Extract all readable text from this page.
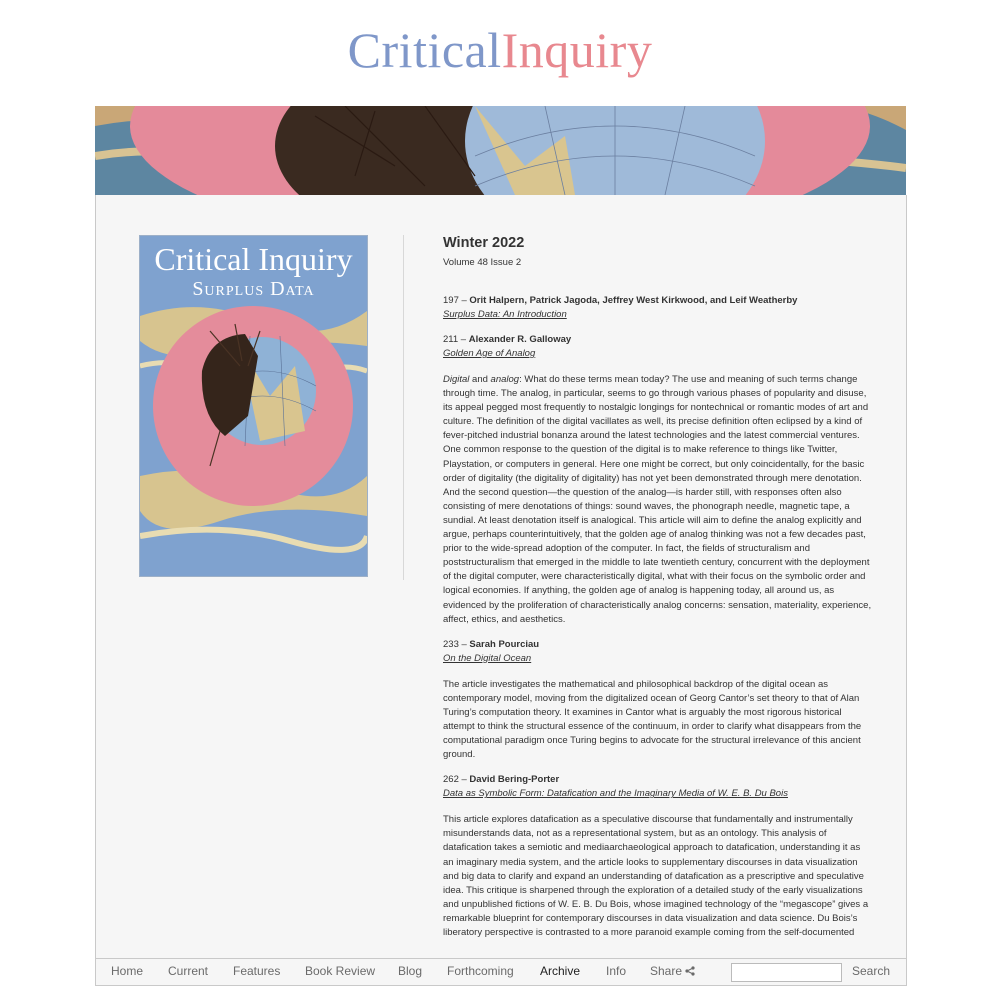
CriticalInquiry
Critical Inquiry
Surplus Data
Winter 2022
Volume 48 Issue 2
197 – Orit Halpern, Patrick Jagoda, Jeffrey West Kirkwood, and Leif Weatherby
Surplus Data: An Introduction
211 – Alexander R. Galloway
Golden Age of Analog
Digital and analog: What do these terms mean today? The use and meaning of such terms change through time. The analog, in particular, seems to go through various phases of popularity and disuse, its appeal pegged most frequently to nostalgic longings for nontechnical or romantic modes of art and culture. The definition of the digital vacillates as well, its precise definition often eclipsed by a kind of fever-pitched industrial bonanza around the latest technologies and the latest commercial ventures. One common response to the question of the digital is to make reference to things like Twitter, Playstation, or computers in general. Here one might be correct, but only coincidentally, for the basic order of digitality (the digitality of digitality) has not yet been demonstrated through mere denotation. And the second question—the question of the analog—is harder still, with responses often also consisting of mere denotations of things: sound waves, the phonograph needle, magnetic tape, a sundial. At least denotation itself is analogical. This article will aim to define the analog explicitly and argue, perhaps counterintuitively, that the golden age of analog thinking was not a few decades past, prior to the wide-spread adoption of the computer. In fact, the fields of structuralism and poststructuralism that emerged in the middle to late twentieth century, concurrent with the deployment of the digital computer, were characteristically digital, what with their focus on the symbolic order and logical economies. If anything, the golden age of analog is happening today, all around us, as evidenced by the proliferation of characteristically analog concerns: sensation, materiality, experience, affect, ethics, and aesthetics.
233 – Sarah Pourciau
On the Digital Ocean
The article investigates the mathematical and philosophical backdrop of the digital ocean as contemporary model, moving from the digitalized ocean of Georg Cantor’s set theory to that of Alan Turing’s computation theory. It examines in Cantor what is arguably the most rigorous historical attempt to think the structural essence of the continuum, in order to clarify what disappears from the computational paradigm once Turing begins to advocate for the structural irrelevance of this ancient ground.
262 – David Bering-Porter
Data as Symbolic Form: Datafication and the Imaginary Media of W. E. B. Du Bois
This article explores datafication as a speculative discourse that fundamentally and instrumentally misunderstands data, not as a representational system, but as an ontology. This analysis of datafication takes a semiotic and mediaarchaeological approach to datafication, understanding it as an imaginary media system, and the article looks to supplementary discourses in data visualization and big data to clarify and expand an understanding of datafication as a prescriptive and speculative idea. This critique is sharpened through the exploration of a detailed study of the early visualizations and unpublished fictions of W. E. B. Du Bois, whose imagined technology of the “megascope” gives a remarkable blueprint for contemporary discourses in data visualization and data science. Du Bois’s liberatory perspective is contrasted to a more paranoid example coming from the self-documented
Home Current Features Book Review Blog Forthcoming Archive Info Share	Search
